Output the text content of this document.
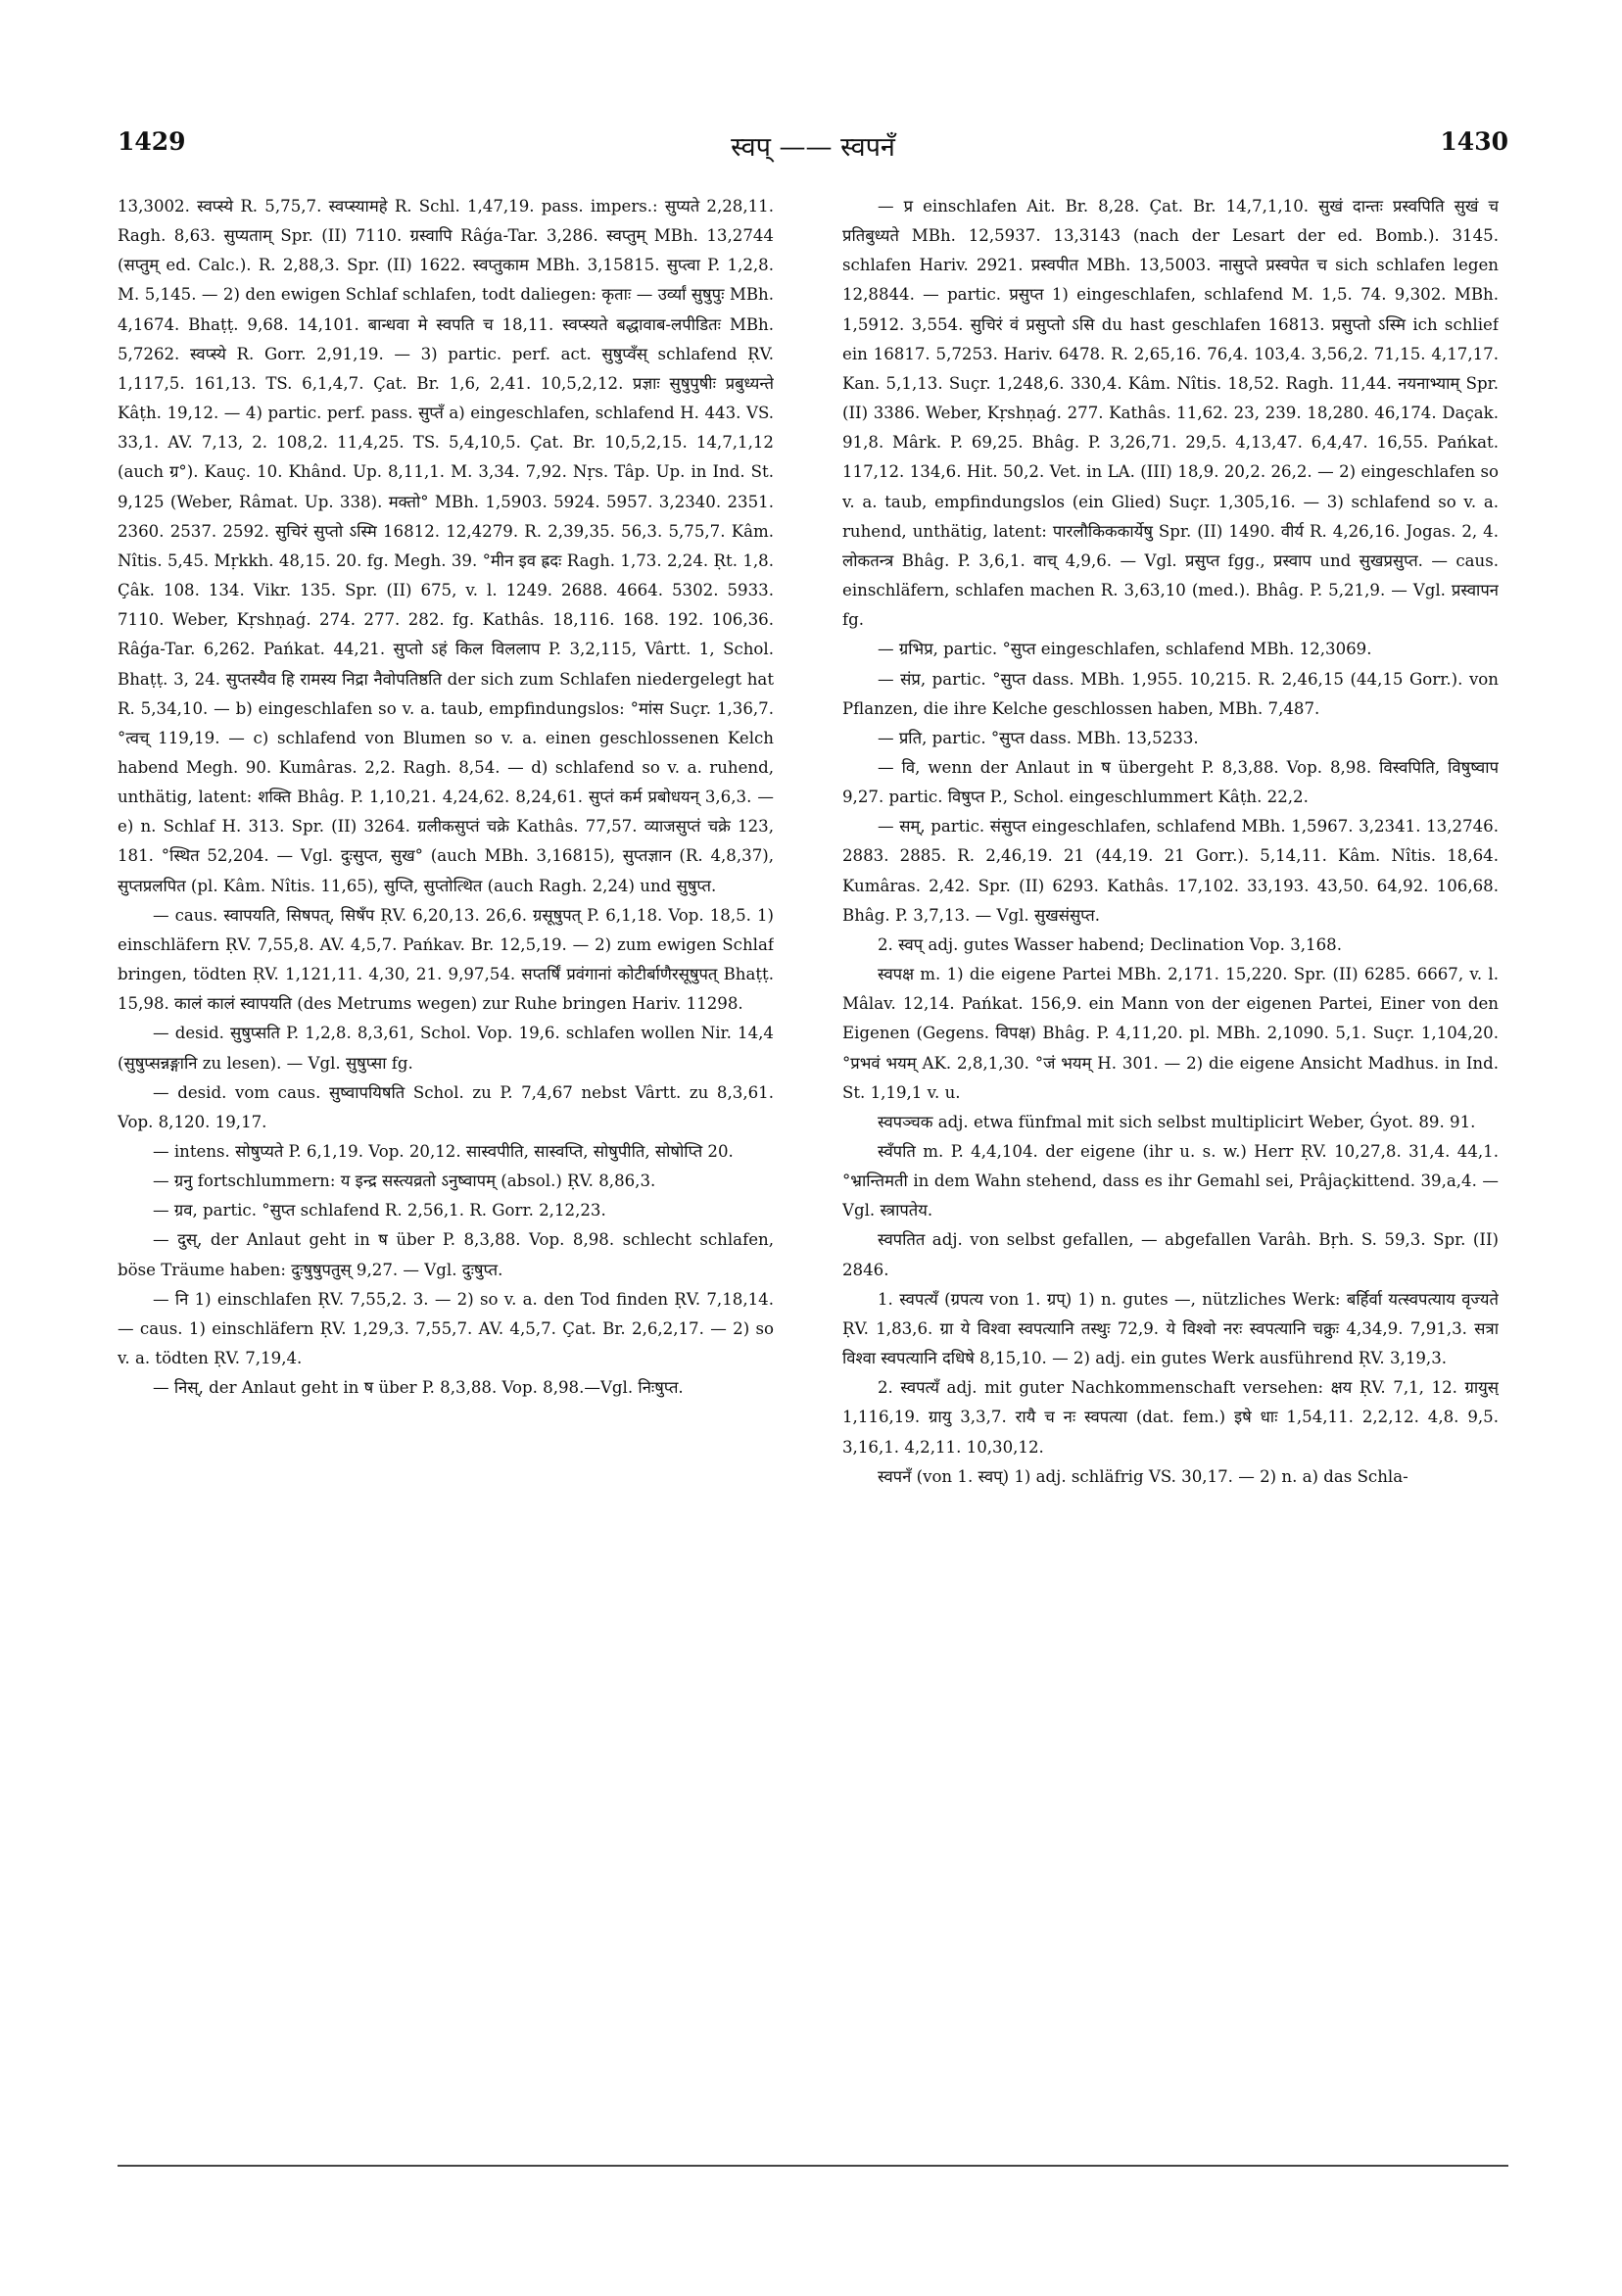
1429	स्वप् —— स्वपनँ	1430

13,3002. स्वप्स्ये R. 5,75,7. स्वप्स्यामहे R. Schl. 1,47,19. pass. impers.: सुप्यते 2,28,11. Ragh. 8,63. सुप्यताम् Spr. (II) 7110. ग्रस्वापि Râǵa-Tar. 3,286. स्वप्तुम् MBh. 13,2744 (सप्तुम् ed. Calc.). R. 2,88,3. Spr. (II) 1622. स्वप्तुकाम MBh. 3,15815. सुप्त्वा P. 1,2,8. M. 5,145. — 2) den ewigen Schlaf schlafen, todt daliegen: कृताः — उर्व्यां सुषुपुः MBh. 4,1674. Bhaṭṭ. 9,68. 14,101. बान्धवा मे स्वपति च 18,11. स्वप्स्यते बद्धावाब-लपीडितः MBh. 5,7262. स्वप्स्ये R. Gorr. 2,91,19. — 3) partic. perf. act. सुषुप्वँस् schlafend ṚV. 1,117,5. 161,13. TS. 6,1,4,7. Çat. Br. 1,6, 2,41. 10,5,2,12. प्रज्ञाः सुषुपुषीः प्रबुध्यन्ते Kâṭh. 19,12. — 4) partic. perf. pass. सुप्तँ a) eingeschlafen, schlafend H. 443. VS. 33,1. AV. 7,13, 2. 108,2. 11,4,25. TS. 5,4,10,5. Çat. Br. 10,5,2,15. 14,7,1,12 (auch ग्र°). Kauç. 10. Khând. Up. 8,11,1. M. 3,34. 7,92. Nṛs. Tâp. Up. in Ind. St. 9,125 (Weber, Râmat. Up. 338). मक्तो° MBh. 1,5903. 5924. 5957. 3,2340. 2351. 2360. 2537. 2592. सुचिरं सुप्तो ऽस्मि 16812. 12,4279. R. 2,39,35. 56,3. 5,75,7. Kâm. Nîtis. 5,45. Mṛkkh. 48,15. 20. fg. Megh. 39. °मीन इव ह्रदः Ragh. 1,73. 2,24. Ṛt. 1,8. Çâk. 108. 134. Vikr. 135. Spr. (II) 675, v. l. 1249. 2688. 4664. 5302. 5933. 7110. Weber, Kṛshṇaǵ. 274. 277. 282. fg. Kathâs. 18,116. 168. 192. 106,36. Râǵa-Tar. 6,262. Pańkat. 44,21. सुप्तो ऽहं किल विललाप P. 3,2,115, Vârtt. 1, Schol. Bhaṭṭ. 3, 24. सुप्तस्यैव हि रामस्य निद्रा नैवोपतिष्ठति der sich zum Schlafen niedergelegt hat R. 5,34,10. — b) eingeschlafen so v. a. taub, empfindungslos: °मांस Suçr. 1,36,7. °त्वच् 119,19. — c) schlafend von Blumen so v. a. einen geschlossenen Kelch habend Megh. 90. Kumâras. 2,2. Ragh. 8,54. — d) schlafend so v. a. ruhend, unthätig, latent: शक्ति Bhâg. P. 1,10,21. 4,24,62. 8,24,61. सुप्तं कर्म प्रबोधयन् 3,6,3. — e) n. Schlaf H. 313. Spr. (II) 3264. ग्रलीकसुप्तं चक्रे Kathâs. 77,57. व्याजसुप्तं चक्रे 123, 181. °स्थित 52,204. — Vgl. दुःसुप्त, सुख° (auch MBh. 3,16815), सुप्तज्ञान (R. 4,8,37), सुप्तप्रलपित (pl. Kâm. Nîtis. 11,65), सुप्ति, सुप्तोत्थित (auch Ragh. 2,24) und सुषुप्त.

— caus. स्वापयति, सिषपत्, सिषँप ṚV. 6,20,13. 26,6. ग्रसूषुपत् P. 6,1,18. Vop. 18,5. 1) einschläfern ṚV. 7,55,8. AV. 4,5,7. Pańkav. Br. 12,5,19. — 2) zum ewigen Schlaf bringen, tödten ṚV. 1,121,11. 4,30, 21. 9,97,54. सप्तर्षिं प्रवंगानां कोटीर्बाणैरसूषुपत् Bhaṭṭ. 15,98. कालं कालं स्वापयति (des Metrums wegen) zur Ruhe bringen Hariv. 11298.

— desid. सुषुप्सति P. 1,2,8. 8,3,61, Schol. Vop. 19,6. schlafen wollen Nir. 14,4 (सुषुप्सन्नङ्गानि zu lesen). — Vgl. सुषुप्सा fg.

— desid. vom caus. सुष्वापयिषति Schol. zu P. 7,4,67 nebst Vârtt. zu 8,3,61. Vop. 8,120. 19,17.

— intens. सोषुप्यते P. 6,1,19. Vop. 20,12. सास्वपीति, सास्वप्ति, सोषुपीति, सोषोप्ति 20.

— ग्रनु fortschlummern: य इन्द्र सस्त्यव्रतो ऽनुष्वापम् (absol.) ṚV. 8,86,3.

— ग्रव, partic. °सुप्त schlafend R. 2,56,1. R. Gorr. 2,12,23.

— दुस्, der Anlaut geht in ष über P. 8,3,88. Vop. 8,98. schlecht schlafen, böse Träume haben: दुःषुषुपतुस् 9,27. — Vgl. दुःषुप्त.

— नि 1) einschlafen ṚV. 7,55,2. 3. — 2) so v. a. den Tod finden ṚV. 7,18,14. — caus. 1) einschläfern ṚV. 1,29,3. 7,55,7. AV. 4,5,7. Çat. Br. 2,6,2,17. — 2) so v. a. tödten ṚV. 7,19,4.

— निस्, der Anlaut geht in ष über P. 8,3,88. Vop. 8,98.—Vgl. निःषुप्त.

— प्र einschlafen Ait. Br. 8,28. Çat. Br. 14,7,1,10. सुखं दान्तः प्रस्वपिति सुखं च प्रतिबुध्यते MBh. 12,5937. 13,3143 (nach der Lesart der ed. Bomb.). 3145. schlafen Hariv. 2921. प्रस्वपीत MBh. 13,5003. नासुप्ते प्रस्वपेत च sich schlafen legen 12,8844. — partic. प्रसुप्त 1) eingeschlafen, schlafend M. 1,5. 74. 9,302. MBh. 1,5912. 3,554. सुचिरं वं प्रसुप्तो ऽसि du hast geschlafen 16813. प्रसुप्तो ऽस्मि ich schlief ein 16817. 5,7253. Hariv. 6478. R. 2,65,16. 76,4. 103,4. 3,56,2. 71,15. 4,17,17. Kan. 5,1,13. Suçr. 1,248,6. 330,4. Kâm. Nîtis. 18,52. Ragh. 11,44. नयनाभ्याम् Spr. (II) 3386. Weber, Kṛshṇaǵ. 277. Kathâs. 11,62. 23, 239. 18,280. 46,174. Daçak. 91,8. Mârk. P. 69,25. Bhâg. P. 3,26,71. 29,5. 4,13,47. 6,4,47. 16,55. Pańkat. 117,12. 134,6. Hit. 50,2. Vet. in LA. (III) 18,9. 20,2. 26,2. — 2) eingeschlafen so v. a. taub, empfindungslos (ein Glied) Suçr. 1,305,16. — 3) schlafend so v. a. ruhend, unthätig, latent: पारलौकिककार्येषु Spr. (II) 1490. वीर्य R. 4,26,16. Jogas. 2, 4. लोकतन्त्र Bhâg. P. 3,6,1. वाच् 4,9,6. — Vgl. प्रसुप्त fgg., प्रस्वाप und सुखप्रसुप्त. — caus. einschläfern, schlafen machen R. 3,63,10 (med.). Bhâg. P. 5,21,9. — Vgl. प्रस्वापन fg.

— ग्रभिप्र, partic. °सुप्त eingeschlafen, schlafend MBh. 12,3069.

— संप्र, partic. °सुप्त dass. MBh. 1,955. 10,215. R. 2,46,15 (44,15 Gorr.). von Pflanzen, die ihre Kelche geschlossen haben, MBh. 7,487.

— प्रति, partic. °सुप्त dass. MBh. 13,5233.

— वि, wenn der Anlaut in ष übergeht P. 8,3,88. Vop. 8,98. विस्वपिति, विषुष्वाप 9,27. partic. विषुप्त P., Schol. eingeschlummert Kâṭh. 22,2.

— सम्, partic. संसुप्त eingeschlafen, schlafend MBh. 1,5967. 3,2341. 13,2746. 2883. 2885. R. 2,46,19. 21 (44,19. 21 Gorr.). 5,14,11. Kâm. Nîtis. 18,64. Kumâras. 2,42. Spr. (II) 6293. Kathâs. 17,102. 33,193. 43,50. 64,92. 106,68. Bhâg. P. 3,7,13. — Vgl. सुखसंसुप्त.

2. स्वप् adj. gutes Wasser habend; Declination Vop. 3,168.

स्वपक्ष m. 1) die eigene Partei MBh. 2,171. 15,220. Spr. (II) 6285. 6667, v. l. Mâlav. 12,14. Pańkat. 156,9. ein Mann von der eigenen Partei, Einer von den Eigenen (Gegens. विपक्ष) Bhâg. P. 4,11,20. pl. MBh. 2,1090. 5,1. Suçr. 1,104,20. °प्रभवं भयम् AK. 2,8,1,30. °जं भयम् H. 301. — 2) die eigene Ansicht Madhus. in Ind. St. 1,19,1 v. u.

स्वपञ्चक adj. etwa fünfmal mit sich selbst multiplicirt Weber, Ǵyot. 89. 91.

स्वँपति m. P. 4,4,104. der eigene (ihr u. s. w.) Herr ṚV. 10,27,8. 31,4. 44,1. °भ्रान्तिमती in dem Wahn stehend, dass es ihr Gemahl sei, Prâjaçkittend. 39,a,4. — Vgl. स्त्रापतेय.

स्वपतित adj. von selbst gefallen, — abgefallen Varâh. Bṛh. S. 59,3. Spr. (II) 2846.

1. स्वपत्यँ (ग्रपत्य von 1. ग्रप्) 1) n. gutes —, nützliches Werk: बर्हिर्वा यत्स्वपत्याय वृज्यते ṚV. 1,83,6. ग्रा ये विश्वा स्वपत्यानि तस्थुः 72,9. ये विश्वो नरः स्वपत्यानि चक्रुः 4,34,9. 7,91,3. सत्रा विश्वा स्वपत्यानि दधिषे 8,15,10. — 2) adj. ein gutes Werk ausführend ṚV. 3,19,3.

2. स्वपत्यँ adj. mit guter Nachkommenschaft versehen: क्षय ṚV. 7,1, 12. ग्रायुस् 1,116,19. ग्रायु 3,3,7. रायै च नः स्वपत्या (dat. fem.) इषे धाः 1,54,11. 2,2,12. 4,8. 9,5. 3,16,1. 4,2,11. 10,30,12.

स्वपनँ (von 1. स्वप्) 1) adj. schläfrig VS. 30,17. — 2) n. a) das Schla-
